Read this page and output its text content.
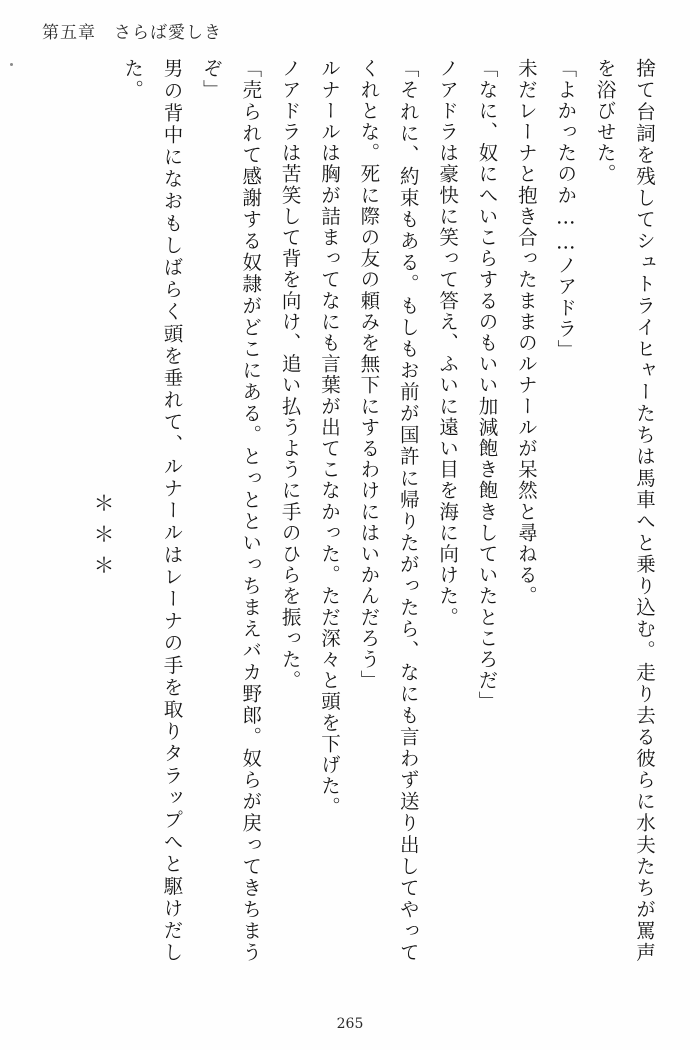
第五章 さらば愛しき

捨て台詞を残してシュトライヒャーたちは馬車へと乗り込む。走り去る彼らに水夫たちが罵声を浴びせた。

「よかったのか……ノアドラ」

未だレーナと抱き合ったままのルナールが呆然と尋ねる。

「なに、奴にへいこらするのもいい加減飽き飽きしていたところだ」

ノアドラは豪快に笑って答え、ふいに遠い目を海に向けた。

「それに、約束もある。もしもお前が国許に帰りたがったら、なにも言わず送り出してやってくれとな。死に際の友の頼みを無下にするわけにはいかんだろう」

ルナールは胸が詰まってなにも言葉が出てこなかった。ただ深々と頭を下げた。

ノアドラは苦笑して背を向け、追い払うように手のひらを振った。

「売られて感謝する奴隷がどこにある。とっとといっちまえバカ野郎。奴らが戻ってきちまうぞ」

男の背中になおもしばらく頭を垂れて、ルナールはレーナの手を取りタラップへと駆けだした。

＊＊＊
265
